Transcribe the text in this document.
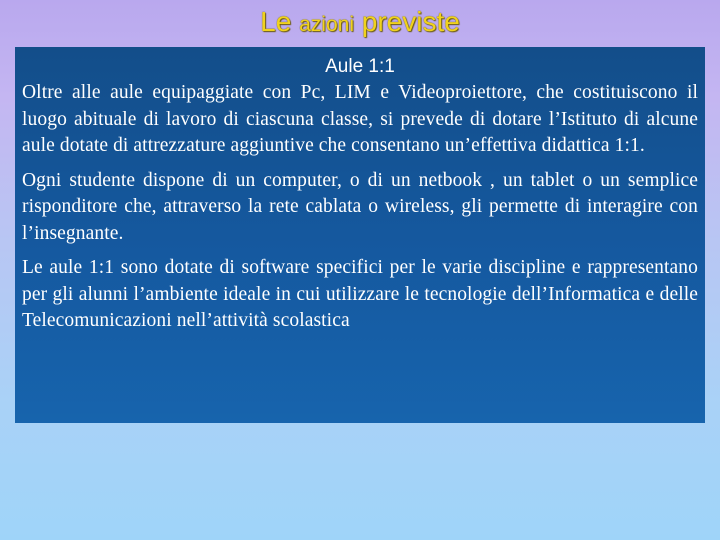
Le azioni previste
Aule 1:1

Oltre alle aule equipaggiate con Pc, LIM e Videoproiettore, che costituiscono il luogo abituale di lavoro di ciascuna classe, si prevede di dotare l’Istituto di alcune aule dotate di attrezzature aggiuntive che consentano un’effettiva didattica 1:1.

Ogni studente dispone di un computer, o di un netbook , un tablet o un semplice risponditore che, attraverso la rete cablata o wireless, gli permette di interagire con l’insegnante.

Le aule 1:1 sono dotate di software specifici per le varie discipline e rappresentano per gli alunni l’ambiente ideale in cui utilizzare le tecnologie dell’Informatica e delle Telecomunicazioni nell’attività scolastica
